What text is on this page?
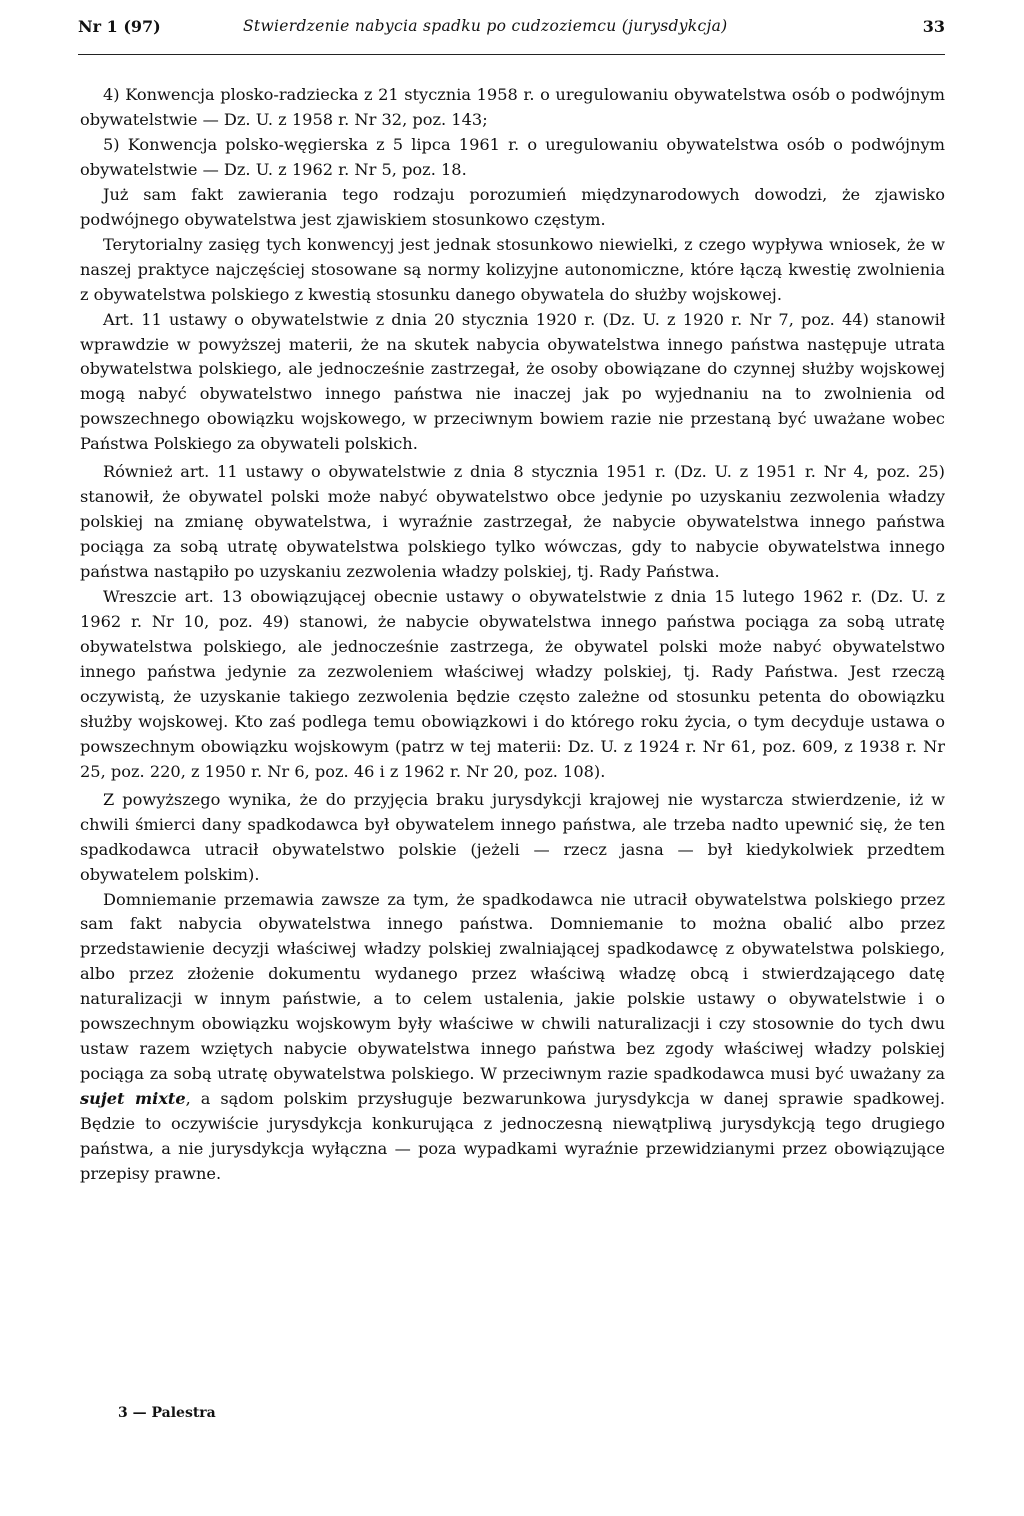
Nr 1 (97)	Stwierdzenie nabycia spadku po cudzoziemcu (jurysdykcja)	33

4) Konwencja plosko-radziecka z 21 stycznia 1958 r. o uregulowaniu obywatelstwa osób o podwójnym obywatelstwie — Dz. U. z 1958 r. Nr 32, poz. 143;

5) Konwencja polsko-węgierska z 5 lipca 1961 r. o uregulowaniu obywatelstwa osób o podwójnym obywatelstwie — Dz. U. z 1962 r. Nr 5, poz. 18.

Już sam fakt zawierania tego rodzaju porozumień międzynarodowych dowodzi, że zjawisko podwójnego obywatelstwa jest zjawiskiem stosunkowo częstym.

Terytorialny zasięg tych konwencyj jest jednak stosunkowo niewielki, z czego wypływa wniosek, że w naszej praktyce najczęściej stosowane są normy kolizyjne autonomiczne, które łączą kwestię zwolnienia z obywatelstwa polskiego z kwestią stosunku danego obywatela do służby wojskowej.

Art. 11 ustawy o obywatelstwie z dnia 20 stycznia 1920 r. (Dz. U. z 1920 r. Nr 7, poz. 44) stanowił wprawdzie w powyższej materii, że na skutek nabycia obywatelstwa innego państwa następuje utrata obywatelstwa polskiego, ale jednocześnie zastrzegał, że osoby obowiązane do czynnej służby wojskowej mogą nabyć obywatelstwo innego państwa nie inaczej jak po wyjednaniu na to zwolnienia od powszechnego obowiązku wojskowego, w przeciwnym bowiem razie nie przestaną być uważane wobec Państwa Polskiego za obywateli polskich.

Również art. 11 ustawy o obywatelstwie z dnia 8 stycznia 1951 r. (Dz. U. z 1951 r. Nr 4, poz. 25) stanowił, że obywatel polski może nabyć obywatelstwo obce jedynie po uzyskaniu zezwolenia władzy polskiej na zmianę obywatelstwa, i wyraźnie zastrzegał, że nabycie obywatelstwa innego państwa pociąga za sobą utratę obywatelstwa polskiego tylko wówczas, gdy to nabycie obywatelstwa innego państwa nastąpiło po uzyskaniu zezwolenia władzy polskiej, tj. Rady Państwa.

Wreszcie art. 13 obowiązującej obecnie ustawy o obywatelstwie z dnia 15 lutego 1962 r. (Dz. U. z 1962 r. Nr 10, poz. 49) stanowi, że nabycie obywatelstwa innego państwa pociąga za sobą utratę obywatelstwa polskiego, ale jednocześnie zastrzega, że obywatel polski może nabyć obywatelstwo innego państwa jedynie za zezwoleniem właściwej władzy polskiej, tj. Rady Państwa. Jest rzeczą oczywistą, że uzyskanie takiego zezwolenia będzie często zależne od stosunku petenta do obowiązku służby wojskowej. Kto zaś podlega temu obowiązkowi i do którego roku życia, o tym decyduje ustawa o powszechnym obowiązku wojskowym (patrz w tej materii: Dz. U. z 1924 r. Nr 61, poz. 609, z 1938 r. Nr 25, poz. 220, z 1950 r. Nr 6, poz. 46 i z 1962 r. Nr 20, poz. 108).

Z powyższego wynika, że do przyjęcia braku jurysdykcji krajowej nie wystarcza stwierdzenie, iż w chwili śmierci dany spadkodawca był obywatelem innego państwa, ale trzeba nadto upewnić się, że ten spadkodawca utracił obywatelstwo polskie (jeżeli — rzecz jasna — był kiedykolwiek przedtem obywatelem polskim).

Domniemanie przemawia zawsze za tym, że spadkodawca nie utracił obywatelstwa polskiego przez sam fakt nabycia obywatelstwa innego państwa. Domniemanie to można obalić albo przez przedstawienie decyzji właściwej władzy polskiej zwalniającej spadkodawcę z obywatelstwa polskiego, albo przez złożenie dokumentu wydanego przez właściwą władzę obcą i stwierdzającego datę naturalizacji w innym państwie, a to celem ustalenia, jakie polskie ustawy o obywatelstwie i o powszechnym obowiązku wojskowym były właściwe w chwili naturalizacji i czy stosownie do tych dwu ustaw razem wziętych nabycie obywatelstwa innego państwa bez zgody właściwej władzy polskiej pociąga za sobą utratę obywatelstwa polskiego. W przeciwnym razie spadkodawca musi być uważany za sujet mixte, a sądom polskim przysługuje bezwarunkowa jurysdykcja w danej sprawie spadkowej. Będzie to oczywiście jurysdykcja konkurująca z jednoczesną niewątpliwą jurysdykcją tego drugiego państwa, a nie jurysdykcja wyłączna — poza wypadkami wyraźnie przewidzianymi przez obowiązujące przepisy prawne.

3 — Palestra
